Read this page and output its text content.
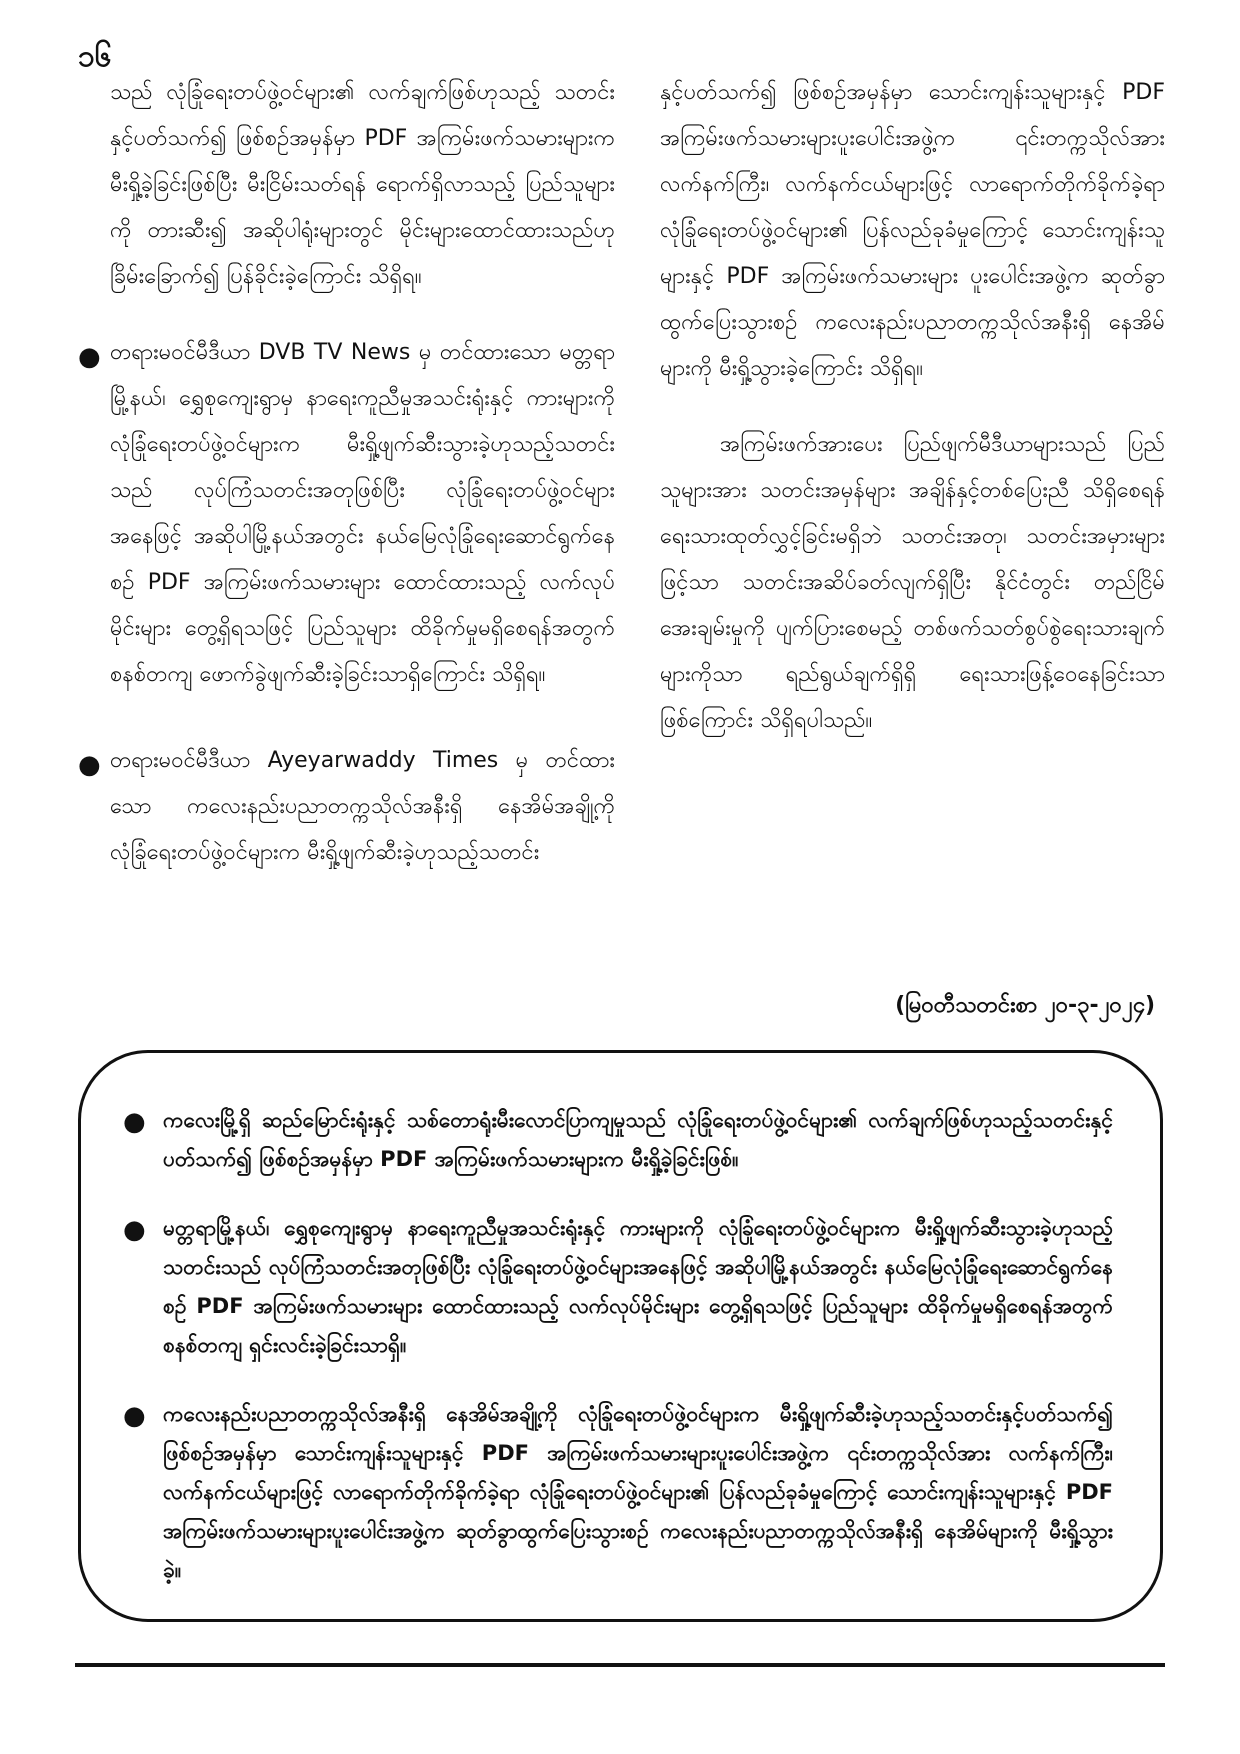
၁၆

သည် လုံခြုံရေးတပ်ဖွဲ့ဝင်များ၏ လက်ချက်ဖြစ်ဟုသည့် သတင်းနှင့်ပတ်သက်၍ ဖြစ်စဉ်အမှန်မှာ PDF အကြမ်းဖက်သမားများက မီးရှို့ခဲ့ခြင်းဖြစ်ပြီး မီးငြိမ်းသတ်ရန် ရောက်ရှိလာသည့် ပြည်သူများကို တားဆီး၍ အဆိုပါရုံးများတွင် မိုင်းများထောင်ထားသည်ဟု ခြိမ်းခြောက်၍ ပြန်ခိုင်းခဲ့ကြောင်း သိရှိရ။

● တရားမဝင်မီဒီယာ DVB TV News မှ တင်ထားသော မတ္တရာမြို့နယ်၊ ရွှေစုကျေးရွာမှ နာရေးကူညီမှုအသင်းရုံးနှင့် ကားများကို လုံခြုံရေးတပ်ဖွဲ့ဝင်များက မီးရှို့ဖျက်ဆီးသွားခဲ့ဟုသည့်သတင်းသည် လုပ်ကြံသတင်းအတုဖြစ်ပြီး လုံခြုံရေးတပ်ဖွဲ့ဝင်များအနေဖြင့် အဆိုပါမြို့နယ်အတွင်း နယ်မြေလုံခြုံရေးဆောင်ရွက်နေစဉ် PDF အကြမ်းဖက်သမားများ ထောင်ထားသည့် လက်လုပ်မိုင်းများ တွေ့ရှိရသဖြင့် ပြည်သူများ ထိခိုက်မှုမရှိစေရန်အတွက် စနစ်တကျ ဖောက်ခွဲဖျက်ဆီးခဲ့ခြင်းသာရှိကြောင်း သိရှိရ။
● တရားမဝင်မီဒီယာ Ayeyarwaddy Times မှ တင်ထားသော ကလေးနည်းပညာတက္ကသိုလ်အနီးရှိ နေအိမ်အချို့ကို လုံခြုံရေးတပ်ဖွဲ့ဝင်များက မီးရှို့ဖျက်ဆီးခဲ့ဟုသည့်သတင်း

နှင့်ပတ်သက်၍ ဖြစ်စဉ်အမှန်မှာ သောင်းကျန်းသူများနှင့် PDF အကြမ်းဖက်သမားများပူးပေါင်းအဖွဲ့က ၎င်းတက္ကသိုလ်အား လက်နက်ကြီး၊ လက်နက်ငယ်များဖြင့် လာရောက်တိုက်ခိုက်ခဲ့ရာ လုံခြုံရေးတပ်ဖွဲ့ဝင်များ၏ ပြန်လည်ခုခံမှုကြောင့် သောင်းကျန်းသူများနှင့် PDF အကြမ်းဖက်သမားများ ပူးပေါင်းအဖွဲ့က ဆုတ်ခွာထွက်ပြေးသွားစဉ် ကလေးနည်းပညာတက္ကသိုလ်အနီးရှိ နေအိမ်များကို မီးရှို့သွားခဲ့ကြောင်း သိရှိရ။

အကြမ်းဖက်အားပေး ပြည်ဖျက်မီဒီယာများသည် ပြည်သူများအား သတင်းအမှန်များ အချိန်နှင့်တစ်ပြေးညီ သိရှိစေရန် ရေးသားထုတ်လွှင့်ခြင်းမရှိဘဲ သတင်းအတု၊ သတင်းအမှားများဖြင့်သာ သတင်းအဆိပ်ခတ်လျက်ရှိပြီး နိုင်ငံတွင်း တည်ငြိမ်အေးချမ်းမှုကို ပျက်ပြားစေမည့် တစ်ဖက်သတ်စွပ်စွဲရေးသားချက်များကိုသာ ရည်ရွယ်ချက်ရှိရှိ ရေးသားဖြန့်ဝေနေခြင်းသာဖြစ်ကြောင်း သိရှိရပါသည်။

(မြဝတီသတင်းစာ ၂၀-၃-၂၀၂၄)
● ကလေးမြို့ရှိ ဆည်မြောင်းရုံးနှင့် သစ်တောရုံးမီးလောင်ပြာကျမှုသည် လုံခြုံရေးတပ်ဖွဲ့ဝင်များ၏ လက်ချက်ဖြစ်ဟုသည့်သတင်းနှင့်ပတ်သက်၍ ဖြစ်စဉ်အမှန်မှာ PDF အကြမ်းဖက်သမားများက မီးရှို့ခဲ့ခြင်းဖြစ်။
● မတ္တရာမြို့နယ်၊ ရွှေစုကျေးရွာမှ နာရေးကူညီမှုအသင်းရုံးနှင့် ကားများကို လုံခြုံရေးတပ်ဖွဲ့ဝင်များက မီးရှို့ဖျက်ဆီးသွားခဲ့ဟုသည့်သတင်းသည် လုပ်ကြံသတင်းအတုဖြစ်ပြီး လုံခြုံရေးတပ်ဖွဲ့ဝင်များအနေဖြင့် အဆိုပါမြို့နယ်အတွင်း နယ်မြေလုံခြုံရေးဆောင်ရွက်နေစဉ် PDF အကြမ်းဖက်သမားများ ထောင်ထားသည့် လက်လုပ်မိုင်းများ တွေ့ရှိရသဖြင့် ပြည်သူများ ထိခိုက်မှုမရှိစေရန်အတွက် စနစ်တကျ ရှင်းလင်းခဲ့ခြင်းသာရှိ။
● ကလေးနည်းပညာတက္ကသိုလ်အနီးရှိ နေအိမ်အချို့ကို လုံခြုံရေးတပ်ဖွဲ့ဝင်များက မီးရှို့ဖျက်ဆီးခဲ့ဟုသည့်သတင်းနှင့်ပတ်သက်၍ ဖြစ်စဉ်အမှန်မှာ သောင်းကျန်းသူများနှင့် PDF အကြမ်းဖက်သမားများပူးပေါင်းအဖွဲ့က ၎င်းတက္ကသိုလ်အား လက်နက်ကြီး၊ လက်နက်ငယ်များဖြင့် လာရောက်တိုက်ခိုက်ခဲ့ရာ လုံခြုံရေးတပ်ဖွဲ့ဝင်များ၏ ပြန်လည်ခုခံမှုကြောင့် သောင်းကျန်းသူများနှင့် PDF အကြမ်းဖက်သမားများပူးပေါင်းအဖွဲ့က ဆုတ်ခွာထွက်ပြေးသွားစဉ် ကလေးနည်းပညာတက္ကသိုလ်အနီးရှိ နေအိမ်များကို မီးရှို့သွားခဲ့။
